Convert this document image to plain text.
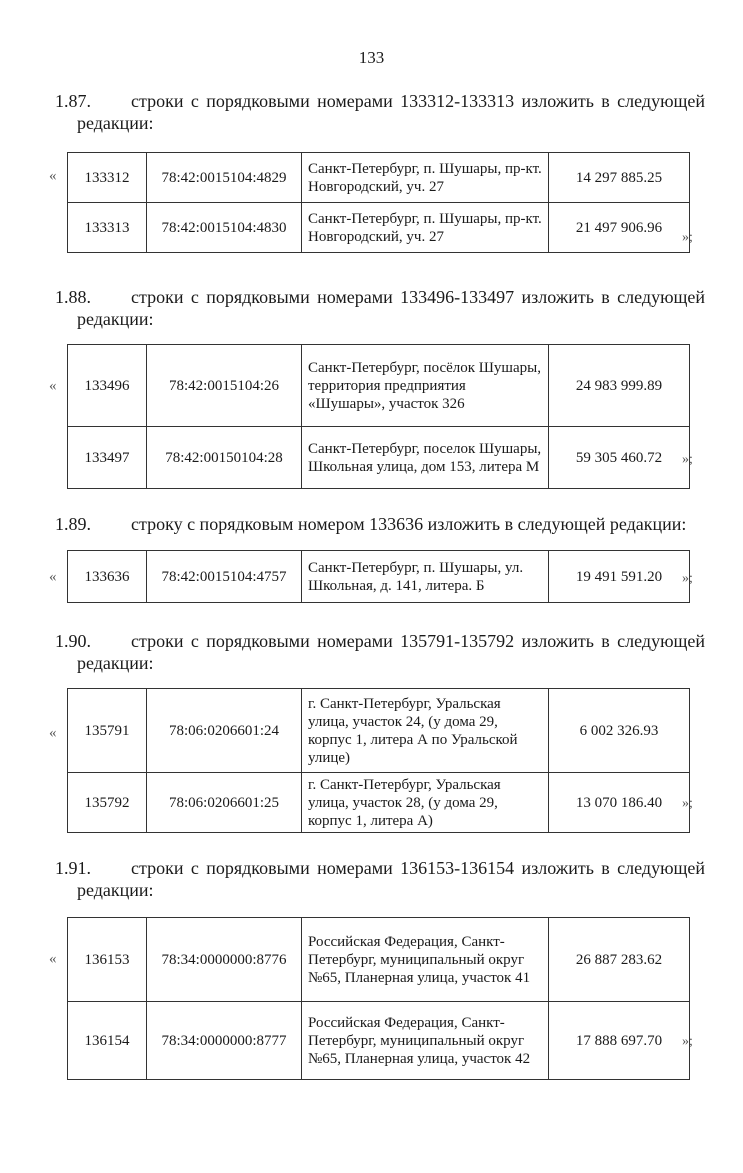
133
1.87. строки с порядковыми номерами 133312-133313 изложить в следующей
редакции:
« 133312	78:42:0015104:4829	Санкт-Петербург, п. Шушары, пр-кт. Новгородский, уч. 27	14 297 885.25
133313	78:42:0015104:4830	Санкт-Петербург, п. Шушары, пр-кт. Новгородский, уч. 27	21 497 906.96
»;
1.88. строки с порядковыми номерами 133496-133497 изложить в следующей
редакции:
« 133496	78:42:0015104:26	Санкт-Петербург, посёлок Шушары, территория предприятия «Шушары», участок 326	24 983 999.89
133497	78:42:00150104:28	Санкт-Петербург, поселок Шушары, Школьная улица, дом 153, литера М	59 305 460.72 »;
1.89. строку с порядковым номером 133636 изложить в следующей редакции:
« 133636	78:42:0015104:4757	Санкт-Петербург, п. Шушары, ул. Школьная, д. 141, литера. Б	19 491 591.20 »;
1.90. строки с порядковыми номерами 135791-135792 изложить в следующей
редакции:
« 135791	78:06:0206601:24	г. Санкт-Петербург, Уральская улица, участок 24, (у дома 29, корпус 1, литера А по Уральской улице)	6 002 326.93
135792	78:06:0206601:25	г. Санкт-Петербург, Уральская улица, участок 28, (у дома 29, корпус 1, литера А)	13 070 186.40 »;
1.91. строки с порядковыми номерами 136153-136154 изложить в следующей
редакции:
« 136153	78:34:0000000:8776	Российская Федерация, Санкт-Петербург, муниципальный округ №65, Планерная улица, участок 41	26 887 283.62
136154	78:34:0000000:8777	Российская Федерация, Санкт-Петербург, муниципальный округ №65, Планерная улица, участок 42	17 888 697.70 »;
